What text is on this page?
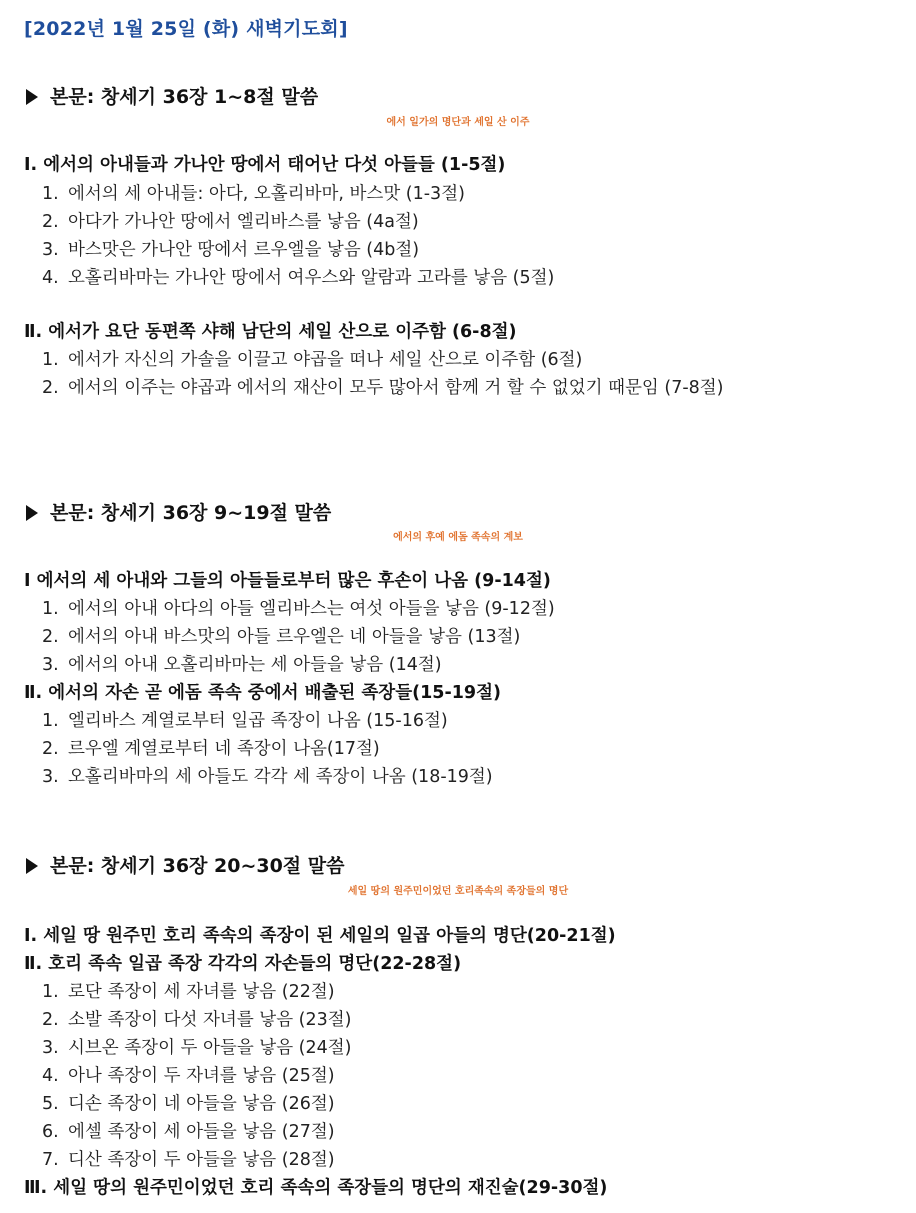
[2022년 1월 25일 (화) 새벽기도회]
본문: 창세기 36장 1~8절 말씀
에서 일가의 명단과 세일 산 이주
Ⅰ. 에서의 아내들과 가나안 땅에서 태어난 다섯 아들들 (1-5절)
1. 에서의 세 아내들: 아다, 오홀리바마, 바스맛 (1-3절)
2. 아다가 가나안 땅에서 엘리바스를 낳음 (4a절)
3. 바스맛은 가나안 땅에서 르우엘을 낳음 (4b절)
4. 오홀리바마는 가나안 땅에서 여우스와 알람과 고라를 낳음 (5절)
Ⅱ. 에서가 요단 동편쪽 샤해 남단의 세일 산으로 이주함 (6-8절)
1. 에서가 자신의 가솔을 이끌고 야곱을 떠나 세일 산으로 이주함 (6절)
2. 에서의 이주는 야곱과 에서의 재산이 모두 많아서 함께 거 할 수 없었기 때문임 (7-8절)
본문: 창세기 36장 9~19절 말씀
에서의 후예 에돔 족속의 계보
Ⅰ 에서의 세 아내와 그들의 아들들로부터 많은 후손이 나옴 (9-14절)
1. 에서의 아내 아다의 아들 엘리바스는 여섯 아들을 낳음 (9-12절)
2. 에서의 아내 바스맛의 아들 르우엘은 네 아들을 낳음 (13절)
3. 에서의 아내 오홀리바마는 세 아들을 낳음 (14절)
Ⅱ. 에서의 자손 곧 에돔 족속 중에서 배출된 족장들(15-19절)
1. 엘리바스 계열로부터 일곱 족장이 나옴 (15-16절)
2. 르우엘 계열로부터 네 족장이 나옴(17절)
3. 오홀리바마의 세 아들도 각각 세 족장이 나옴 (18-19절)
본문: 창세기 36장 20~30절 말씀
세일 땅의 원주민이었던 호리족속의 족장들의 명단
Ⅰ. 세일 땅 원주민 호리 족속의 족장이 된 세일의 일곱 아들의 명단(20-21절)
Ⅱ. 호리 족속 일곱 족장 각각의 자손들의 명단(22-28절)
1. 로단 족장이 세 자녀를 낳음 (22절)
2. 소발 족장이 다섯 자녀를 낳음 (23절)
3. 시브온 족장이 두 아들을 낳음 (24절)
4. 아나 족장이 두 자녀를 낳음 (25절)
5. 디손 족장이 네 아들을 낳음 (26절)
6. 에셀 족장이 세 아들을 낳음 (27절)
7. 디산 족장이 두 아들을 낳음 (28절)
Ⅲ. 세일 땅의 원주민이었던 호리 족속의 족장들의 명단의 재진술(29-30절)
